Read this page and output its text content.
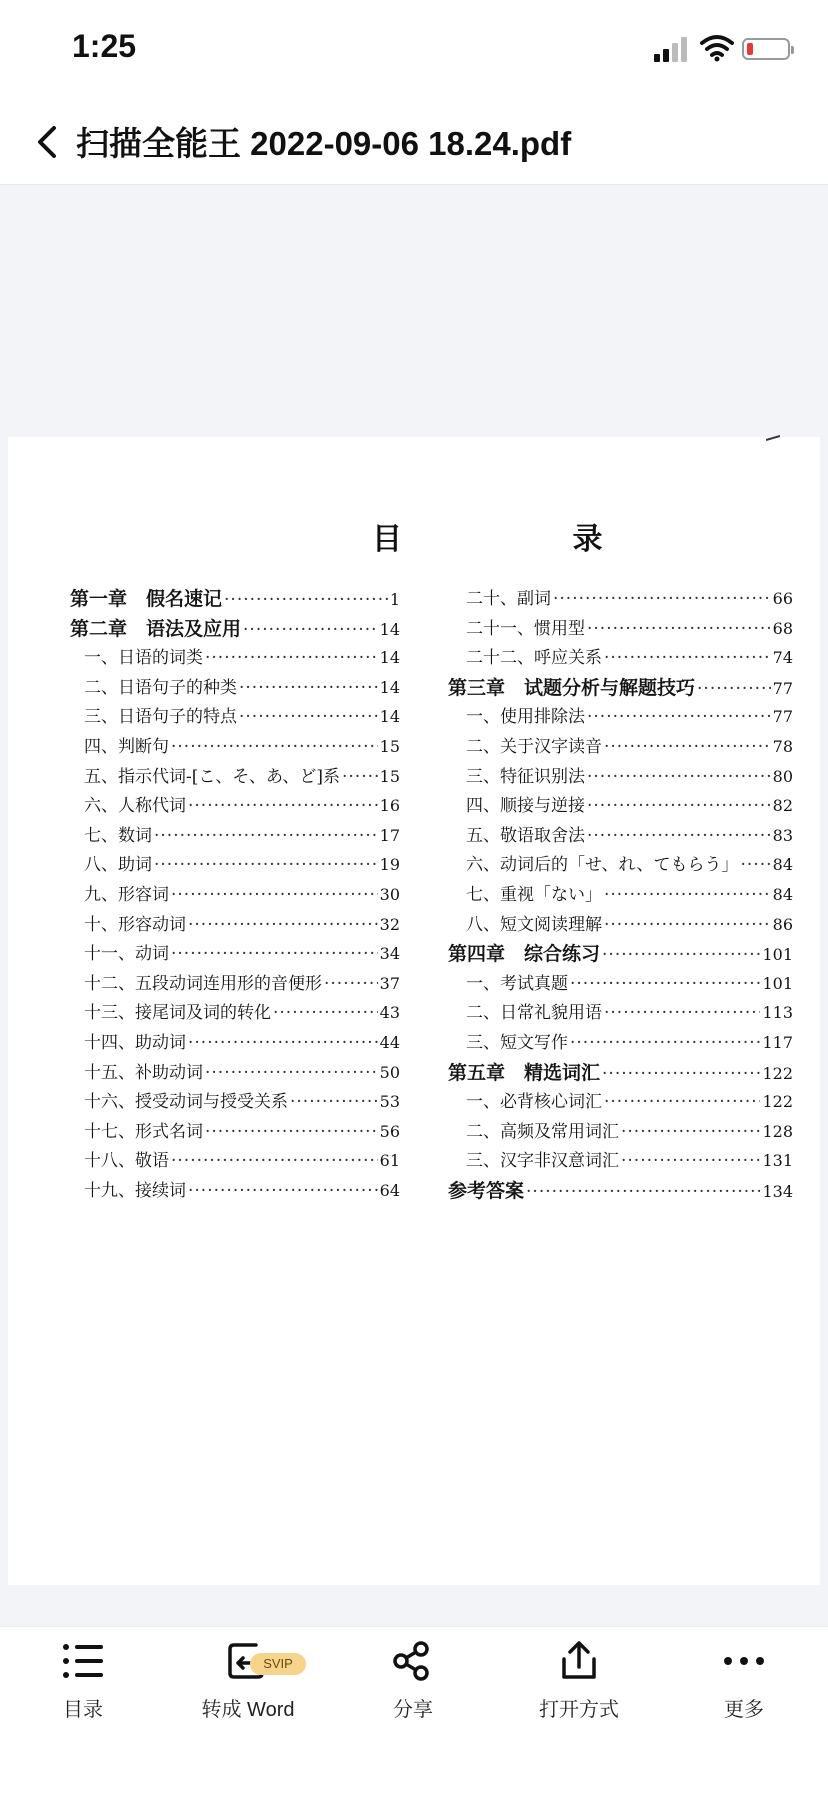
1:25
扫描全能王 2022-09-06 18.24.pdf
目 录
第一章　假名速记 ·····	1
第二章　语法及应用 ·····	14
一、日语的词类 ·····	14
二、日语句子的种类 ·····	14
三、日语句子的特点 ·····	14
四、判断句 ·····	15
五、指示代词-[こ、そ、あ、ど]系 ····· 15
六、人称代词 ·····	16
七、数词 ·····	17
八、助词 ·····	19
九、形容词 ·····	30
十、形容动词 ·····	32
十一、动词 ·····	34
十二、五段动词连用形的音便形 ·····	37
十三、接尾词及词的转化 ·····	43
十四、助动词 ·····	44
十五、补助动词 ·····	50
十六、授受动词与授受关系 ·····	53
十七、形式名词 ·····	56
十八、敬语 ·····	61
十九、接续词 ·····	64
二十、副词 ·····	66
二十一、惯用型 ·····	68
二十二、呼应关系 ·····	74
第三章　试题分析与解题技巧 ·····	77
一、使用排除法 ·····	77
二、关于汉字读音 ·····	78
三、特征识别法 ·····	80
四、顺接与逆接 ·····	82
五、敬语取舍法 ·····	83
六、动词后的「せ、れ、てもらう」 ····· 84
七、重视「ない」 ·····	84
八、短文阅读理解 ·····	86
第四章　综合练习 ·····	101
一、考试真题 ·····	101
二、日常礼貌用语 ·····	113
三、短文写作 ·····	117
第五章　精选词汇 ·····	122
一、必背核心词汇 ·····	122
二、高频及常用词汇 ·····	128
三、汉字非汉意词汇 ·····	131
参考答案 ·····	134
目录
SVIP
转成 Word	分享	打开方式	更多
